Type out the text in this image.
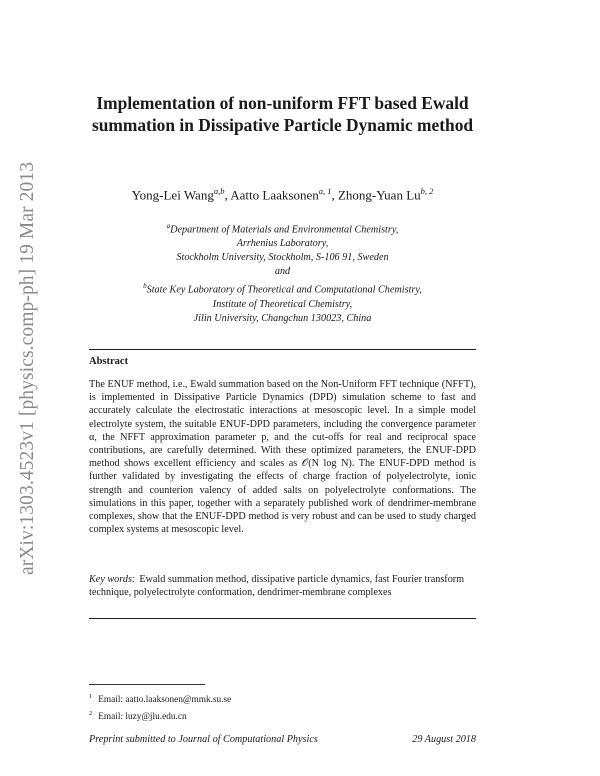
arXiv:1303.4523v1 [physics.comp-ph] 19 Mar 2013
Implementation of non-uniform FFT based Ewald summation in Dissipative Particle Dynamic method
Yong-Lei Wang$^{a,b}$, Aatto Laaksonen$^{a, 1}$, Zhong-Yuan Lu$^{b, 2}$

$^a$Department of Materials and Environmental Chemistry,

Arrhenius Laboratory,

Stockholm University, Stockholm, S-106 91, Sweden

and

$^b$State Key Laboratory of Theoretical and Computational Chemistry,

Institute of Theoretical Chemistry,

Jilin University, Changchun 130023, China

Abstract

The ENUF method, i.e., Ewald summation based on the Non-Uniform FFT technique (NFFT), is implemented in Dissipative Particle Dynamics (DPD) simulation scheme to fast and accurately calculate the electrostatic interactions at mesoscopic level. In a simple model electrolyte system, the suitable ENUF-DPD parameters, including the convergence parameter α, the NFFT approximation parameter p, and the cut-offs for real and reciprocal space contributions, are carefully determined. With these optimized parameters, the ENUF-DPD method shows excellent efficiency and scales as 𝒪(N log N). The ENUF-DPD method is further validated by investigating the effects of charge fraction of polyelectrolyte, ionic strength and counterion valency of added salts on polyelectrolyte conformations. The simulations in this paper, together with a separately published work of dendrimer-membrane complexes, show that the ENUF-DPD method is very robust and can be used to study charged complex systems at mesoscopic level.

Key words: Ewald summation method, dissipative particle dynamics, fast Fourier transform technique, polyelectrolyte conformation, dendrimer-membrane complexes

$^1$ Email: aatto.laaksonen@mmk.su.se
$^2$ Email: luzy@jlu.edu.cn
Preprint submitted to Journal of Computational Physics	29 August 2018
